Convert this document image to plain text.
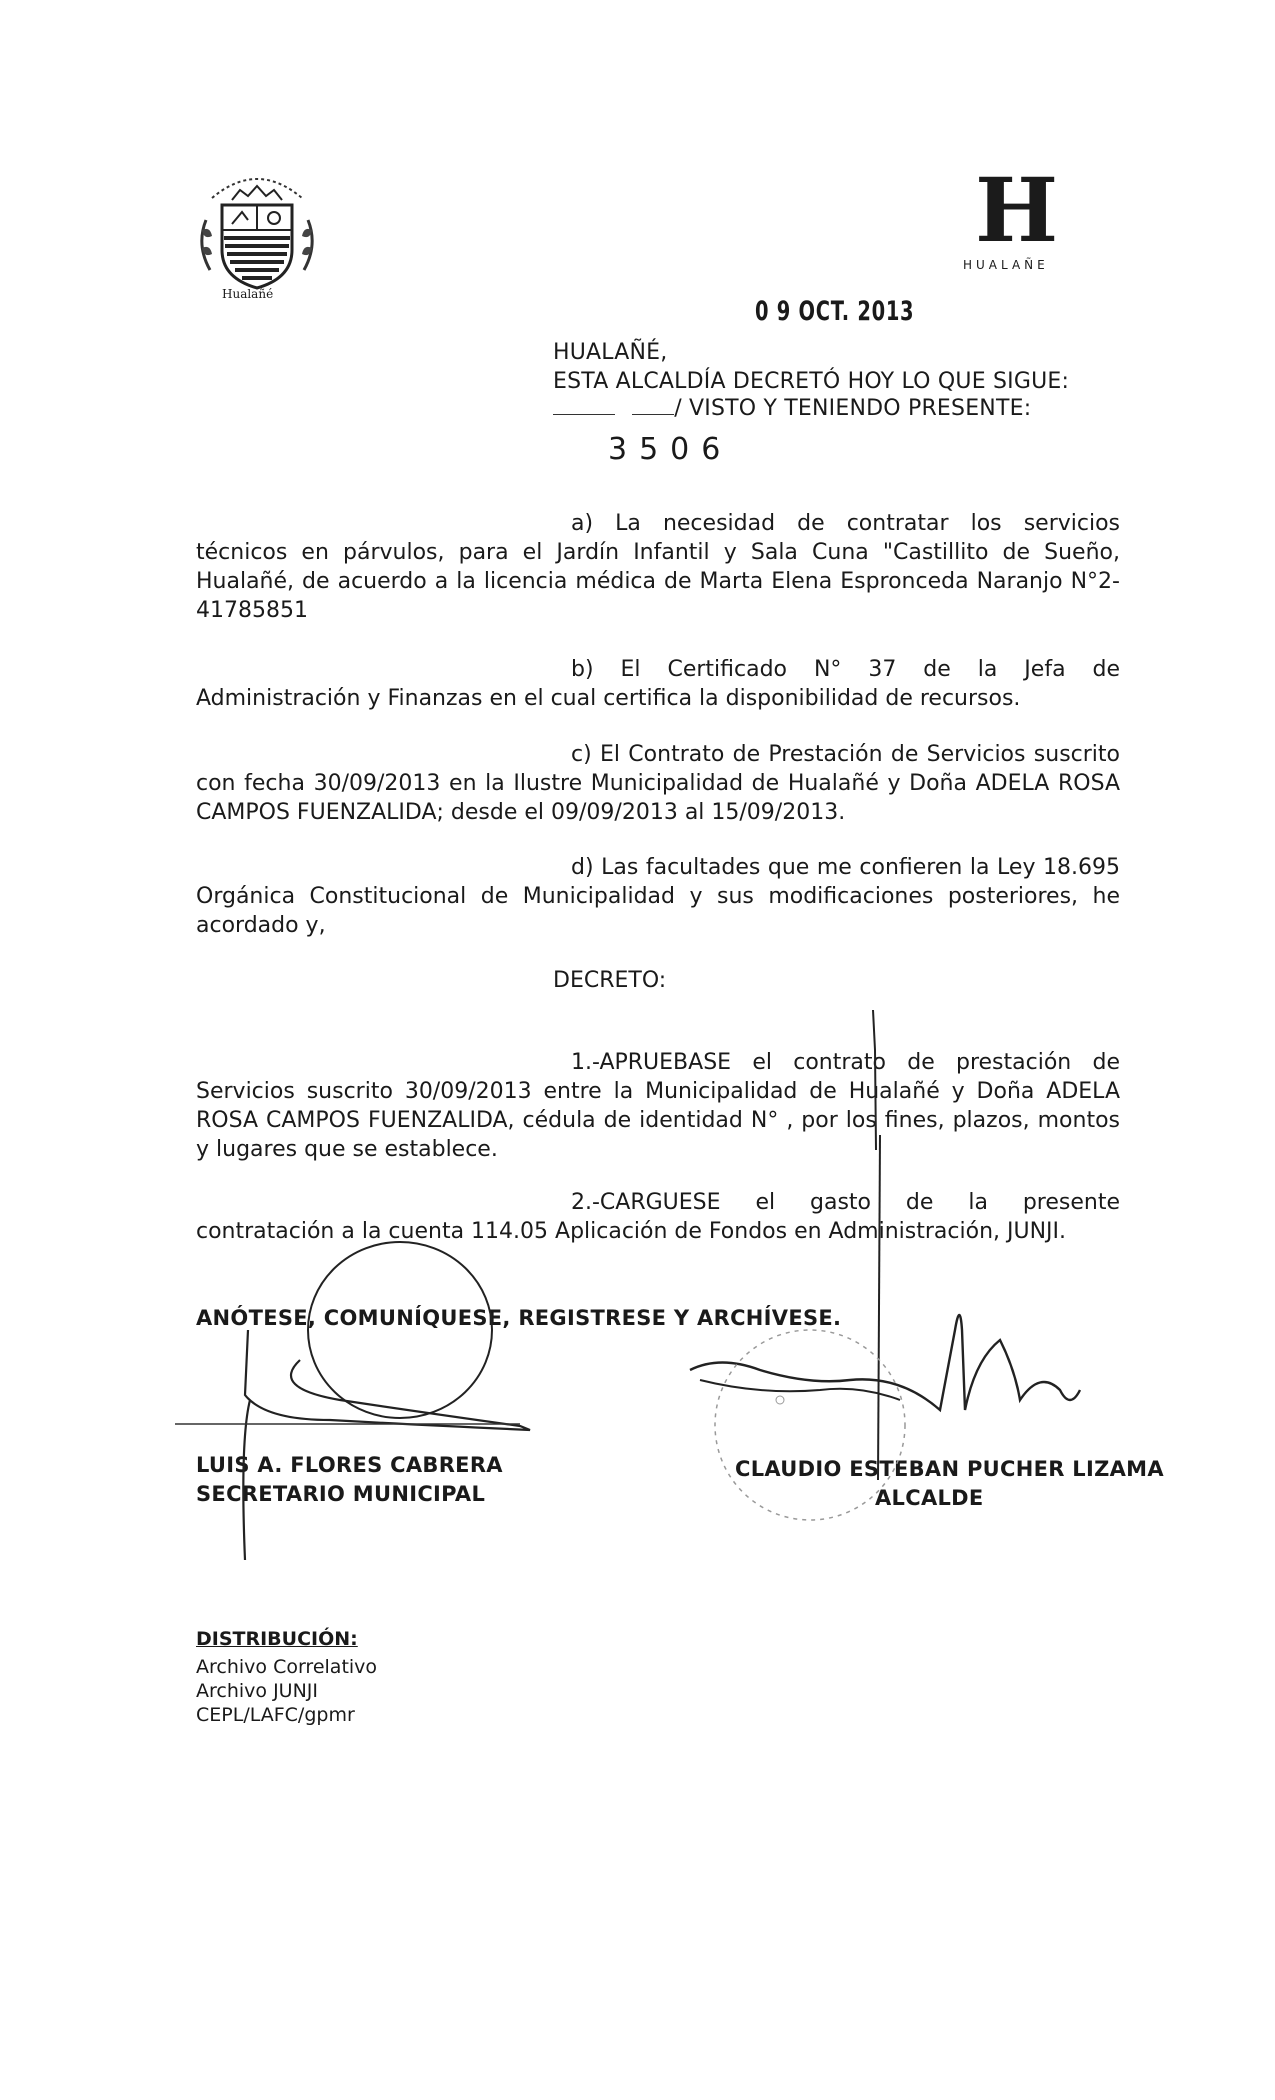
Hualañé
H
HUALAÑE
0 9 OCT. 2013
HUALAÑÉ,
ESTA ALCALDÍA DECRETÓ HOY LO QUE SIGUE:
/ VISTO Y TENIENDO PRESENTE:
3506

a) La necesidad de contratar los servicios

técnicos en párvulos, para el Jardín Infantil y Sala Cuna "Castillito de Sueño, Hualañé, de acuerdo a la licencia médica de Marta Elena Espronceda Naranjo N°2-41785851

b) El Certificado N° 37 de la Jefa de

Administración y Finanzas en el cual certifica la disponibilidad de recursos.

c) El Contrato de Prestación de Servicios suscrito

con fecha 30/09/2013 en la Ilustre Municipalidad de Hualañé y Doña ADELA ROSA CAMPOS FUENZALIDA; desde el 09/09/2013 al 15/09/2013.

d) Las facultades que me confieren la Ley 18.695

Orgánica Constitucional de Municipalidad y sus modificaciones posteriores, he acordado y,

DECRETO:

1.-APRUEBASE el contrato de prestación de

Servicios suscrito 30/09/2013 entre la Municipalidad de Hualañé y Doña ADELA ROSA CAMPOS FUENZALIDA, cédula de identidad N° , por los fines, plazos, montos y lugares que se establece.

2.-CARGUESE el gasto de la presente

contratación a la cuenta 114.05 Aplicación de Fondos en Administración, JUNJI.

ANÓTESE, COMUNÍQUESE, REGISTRESE Y ARCHÍVESE.
LUIS A. FLORES CABRERA
SECRETARIO MUNICIPAL
CLAUDIO ESTEBAN PUCHER LIZAMA
ALCALDE
DISTRIBUCIÓN:
Archivo Correlativo
Archivo JUNJI
CEPL/LAFC/gpmr
